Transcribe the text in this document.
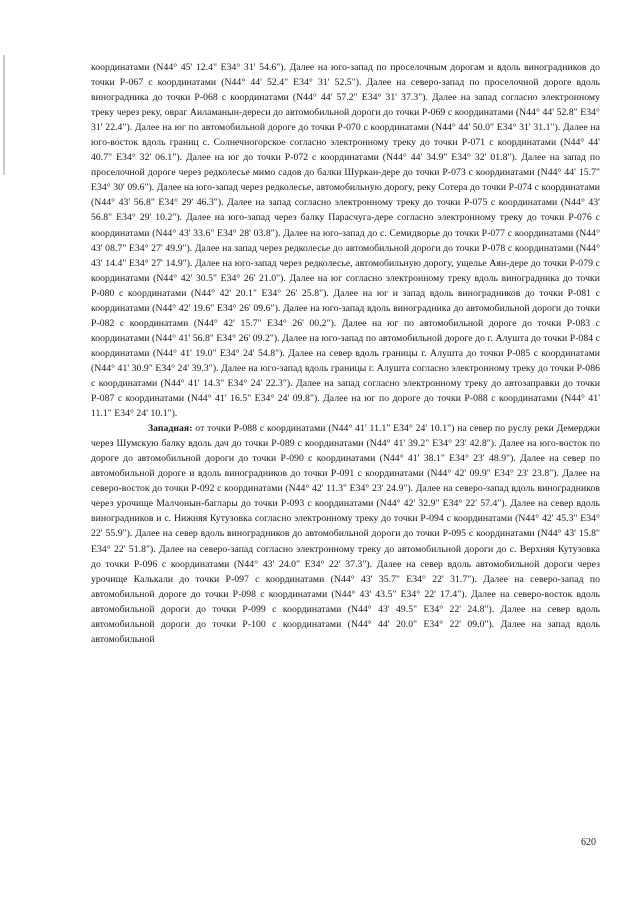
координатами (N44° 45' 12.4" E34° 31' 54.6"). Далее на юго-запад по проселочным дорогам и вдоль виноградников до точки Р-067 с координатами (N44° 44' 52.4" E34° 31' 52.5"). Далее на северо-запад по проселочной дороге вдоль виноградника до точки Р-068 с координатами (N44° 44' 57.2" E34° 31' 37.3"). Далее на запад согласно электронному треку через реку, овраг Аиламанын-дереси до автомобильной дороги до точки Р-069 с координатами (N44° 44' 52.8" E34° 31' 22.4"). Далее на юг по автомобильной дороге до точки Р-070 с координатами (N44° 44' 50.0" E34° 31' 31.1"). Далее на юго-восток вдоль границ с. Солнечногорское согласно электронному треку до точки Р-071 с координатами (N44° 44' 40.7" E34° 32' 06.1"). Далее на юг до точки Р-072 с координатами (N44° 44' 34.9" E34° 32' 01.8"). Далее на запад по проселочной дороге через редколесье мимо садов до балки Шуркан-дере до точки Р-073 с координатами (N44° 44' 15.7" E34° 30' 09.6"). Далее на юго-запад через редколесье, автомобильную дорогу, реку Сотера до точки Р-074 с координатами (N44° 43' 56.8" E34° 29' 46.3"). Далее на запад согласно электронному треку до точки Р-075 с координатами (N44° 43' 56.8" E34° 29' 10.2"). Далее на юго-запад через балку Парасчуга-дере согласно электронному треку до точки Р-076 с координатами (N44° 43' 33.6" E34° 28' 03.8"). Далее на юго-запад до с. Семидворье до точки Р-077 с координатами (N44° 43' 08.7" E34° 27' 49.9"). Далее на запад через редколесье до автомобильной дороги до точки Р-078 с координатами (N44° 43' 14.4" E34° 27' 14.9"). Далее на юго-запад через редколесье, автомобильную дорогу, ущелье Аян-дере до точки Р-079 с координатами (N44° 42' 30.5" E34° 26' 21.0"). Далее на юг согласно электронному треку вдоль виноградника до точки Р-080 с координатами (N44° 42' 20.1" E34° 26' 25.8"). Далее на юг и запад вдоль виноградников до точки Р-081 с координатами (N44° 42' 19.6" E34° 26' 09.6"). Далее на юго-запад вдоль виноградника до автомобильной дороги до точки Р-082 с координатами (N44° 42' 15.7" E34° 26' 00.2"). Далее на юг по автомобильной дороге до точки Р-083 с координатами (N44° 41' 56.8" E34° 26' 09.2"). Далее на юго-запад по автомобильной дороге до г. Алушта до точки Р-084 с координатами (N44° 41' 19.0" E34° 24' 54.8"). Далее на север вдоль границы г. Алушта до точки Р-085 с координатами (N44° 41' 30.9" E34° 24' 39.3"). Далее на юго-запад вдоль границы г. Алушта согласно электронному треку до точки Р-086 с координатами (N44° 41' 14.3" E34° 24' 22.3"). Далее на запад согласно электронному треку до автозаправки до точки Р-087 с координатами (N44° 41' 16.5" E34° 24' 09.8"). Далее на юг по дороге до точки Р-088 с координатами (N44° 41' 11.1" E34° 24' 10.1").

Западная: от точки Р-088 с координатами (N44° 41' 11.1" E34° 24' 10.1") на север по руслу реки Демерджи через Шумскую балку вдоль дач до точки Р-089 с координатами (N44° 41' 39.2" E34° 23' 42.8"). Далее на юго-восток по дороге до автомобильной дороги до точки Р-090 с координатами (N44° 41' 38.1" E34° 23' 48.9"). Далее на север по автомобильной дороге и вдоль виноградников до точки Р-091 с координатами (N44° 42' 09.9" E34° 23' 23.8"). Далее на северо-восток до точки Р-092 с координатами (N44° 42' 11.3" E34° 23' 24.9"). Далее на северо-запад вдоль виноградников через урочище Малчонын-баглары до точки Р-093 с координатами (N44° 42' 32.9" E34° 22' 57.4"). Далее на север вдоль виноградников и с. Нижняя Кутузовка согласно электронному треку до точки Р-094 с координатами (N44° 42' 45.3" E34° 22' 55.9"). Далее на север вдоль виноградников до автомобильной дороги до точки Р-095 с координатами (N44° 43' 15.8" E34° 22' 51.8"). Далее на северо-запад согласно электронному треку до автомобильной дороги до с. Верхняя Кутузовка до точки Р-096 с координатами (N44° 43' 24.0" E34° 22' 37.3"). Далее на север вдоль автомобильной дороги через урочище Калькали до точки Р-097 с координатами (N44° 43' 35.7" E34° 22' 31.7"). Далее на северо-запад по автомобильной дороге до точки Р-098 с координатами (N44° 43' 43.5" E34° 22' 17.4"). Далее на северо-восток вдоль автомобильной дороги до точки Р-099 с координатами (N44° 43' 49.5" E34° 22' 24.8"). Далее на север вдоль автомобильной дороги до точки Р-100 с координатами (N44° 44' 20.0" E34° 22' 09.0"). Далее на запад вдоль автомобильной

620
